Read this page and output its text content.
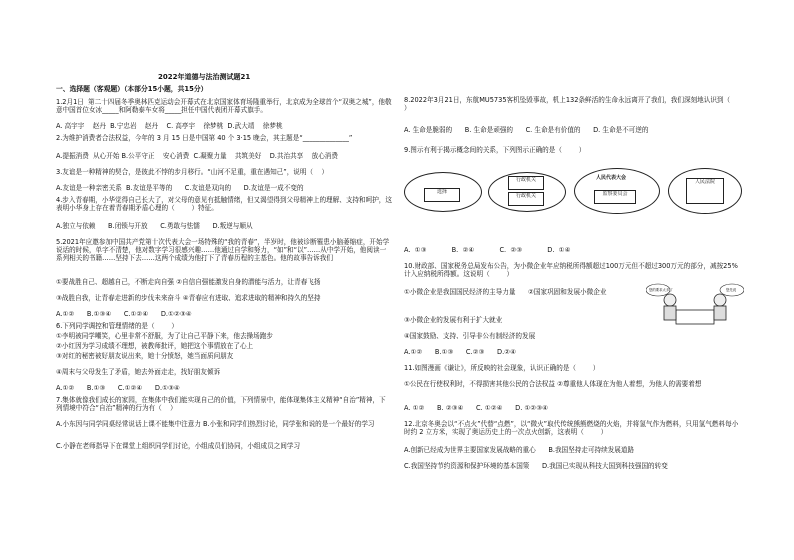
2022年道德与法治测试题21
一、选择题（客观题）（本部分15小题，共15分）
1.2月1日  第二十四届冬季奥林匹克运动会开幕式在北京国家体育场隆重举行，北京成为全球首个“双奥之城”，他敬意中国首位女冰_____和阿勒泰车女将_____担任中国代表团开幕式旗手。
A. 高宇宇    赵丹  B.宁忠岩    赵丹    C. 高亭宇    徐梦桃  D.武大靖    徐梦桃
2.为维护消费者合法权益，今年的 3 月 15 日是中国第 40 个 3·15 晚会，其主题是“______________”
A.提振消费  从心开始 B.公平守正    安心消费  C.凝聚力量    共筑美好    D.共治共享    放心消费
3.友谊是一种精神的契合，是彼此不悖的步月移行。“山河不足重，重在遇知己”，说明（    ）
A.友谊是一种亲密关系  B.友谊是平等的      C.友谊是双向的      D.友谊是一成不变的
4.步入青春期，小华觉得自己长大了，对父母的意见有抵触情绪，但又渴望得到父母精神上的理解、支持和呵护，这表明小华身上存在着青春期矛盾心理的（        ）特征。
A.独立与依赖      B.闭锁与开放      C.勇敢与怯懦      D.叛逆与顺从
5.2021年应邀参加中国共产党第十次代表大会一场特殊的“我的青春”，半岁时，他被诊断罹患小脑萎缩症，开始学说话的时候，单字不清楚，他对数字学习很感兴趣……他通过自学和努力，“如”和“以”……从中学开始，他阅读一系列相关的书籍……坚持下去……这两个成绩为他打下了青春历程的主基色。他的故事告诉我们
①要战胜自己、超越自己，不断走向自强 ②自信自强能激发自身的潜能与活力，让青春飞扬
③战胜自我，让青春走进新的步伐未来奋斗 ④青春应有进取、追求进取的精神和持久的坚持
A.①②      B.①③④      C.①②④      D.①②③④
6.下列同学调控和管理情绪的是（        ）
①李明被同学嘲笑，心里非常不舒服，为了让自己平静下来，他去操场跑步
②小红因为学习成绩不理想，被教师批评，她把这个事情放在了心上
③对红的秘密被好朋友说出来，她十分愤怒，她当面质问朋友
④周末与父母发生了矛盾，她去外面走走，找好朋友倾诉
A.①②      B.①③      C.①②④      D.①③④
7.集体就像我们成长的家园，在集体中我们能实现自己的价值，下列情景中，能体现集体主义精神“自治”精神，下列情境中符合“自治”精神的行为有（    ）
A.小东因与同学同桌经常说话上课不能集中注意力 B.小张和同学们热烈讨论，同学张和说的是一个最好的学习
C.小静在老师指导下在课堂上组织同学们讨论，小组成员们协同，小组成员之间学习
8.2022年3月21日，东航MU5735客机坠毁事故，机上132条鲜活的生命永远离开了我们，我们深刻地认识到（        ）
A. 生命是脆弱的      B. 生命是顽强的      C. 生命是有价值的      D. 生命是不可逆的
9.图示有利于揭示概念间的关系，下列图示正确的是（        ）
A.  ①③            B.  ②④            C.  ②③            D.  ①④
10.财政部、国家税务总局发布公告，为小微企业年应纳税所得额超过100万元但不超过300万元的部分，减按25%计入应纳税所得额。这说明（        ）
①小微企业是我国国民经济的主导力量      ②国家巩固和发展小微企业
③小微企业的发展有利于扩大就业
④国家鼓励、支持、引导非公有制经济的发展
A.①②      B.①③      C.②③      D.②④
11.如图漫画《谦让》，所反映的社会现象，认识正确的是（        ）
①公民在行使权利时，不得损害其他公民的合法权益 ②尊重他人体现在为他人着想，为他人的需要着想
A. ①②      B. ②③④      C. ①②④      D. ①②③④
12.北京冬奥会以“不点火”代替“点燃”，以“微火”取代传统熊熊燃烧的火焰，并将氢气作为燃料，只用氢气燃料每小时约 2 立方米，实现了奥运历史上的一次点火创新，这表明（        ）
A.创新已经成为世界主要国家发展战略的重心      B.我国坚持走可持续发展道路
C.我国坚持节约资源和保护环境的基本国策      D.我国已实现从科技大国到科技强国的转变
选择
行政机关
行政机关
人民代表大会
监察委员会
人民法院
您的要求太多了	您先说
